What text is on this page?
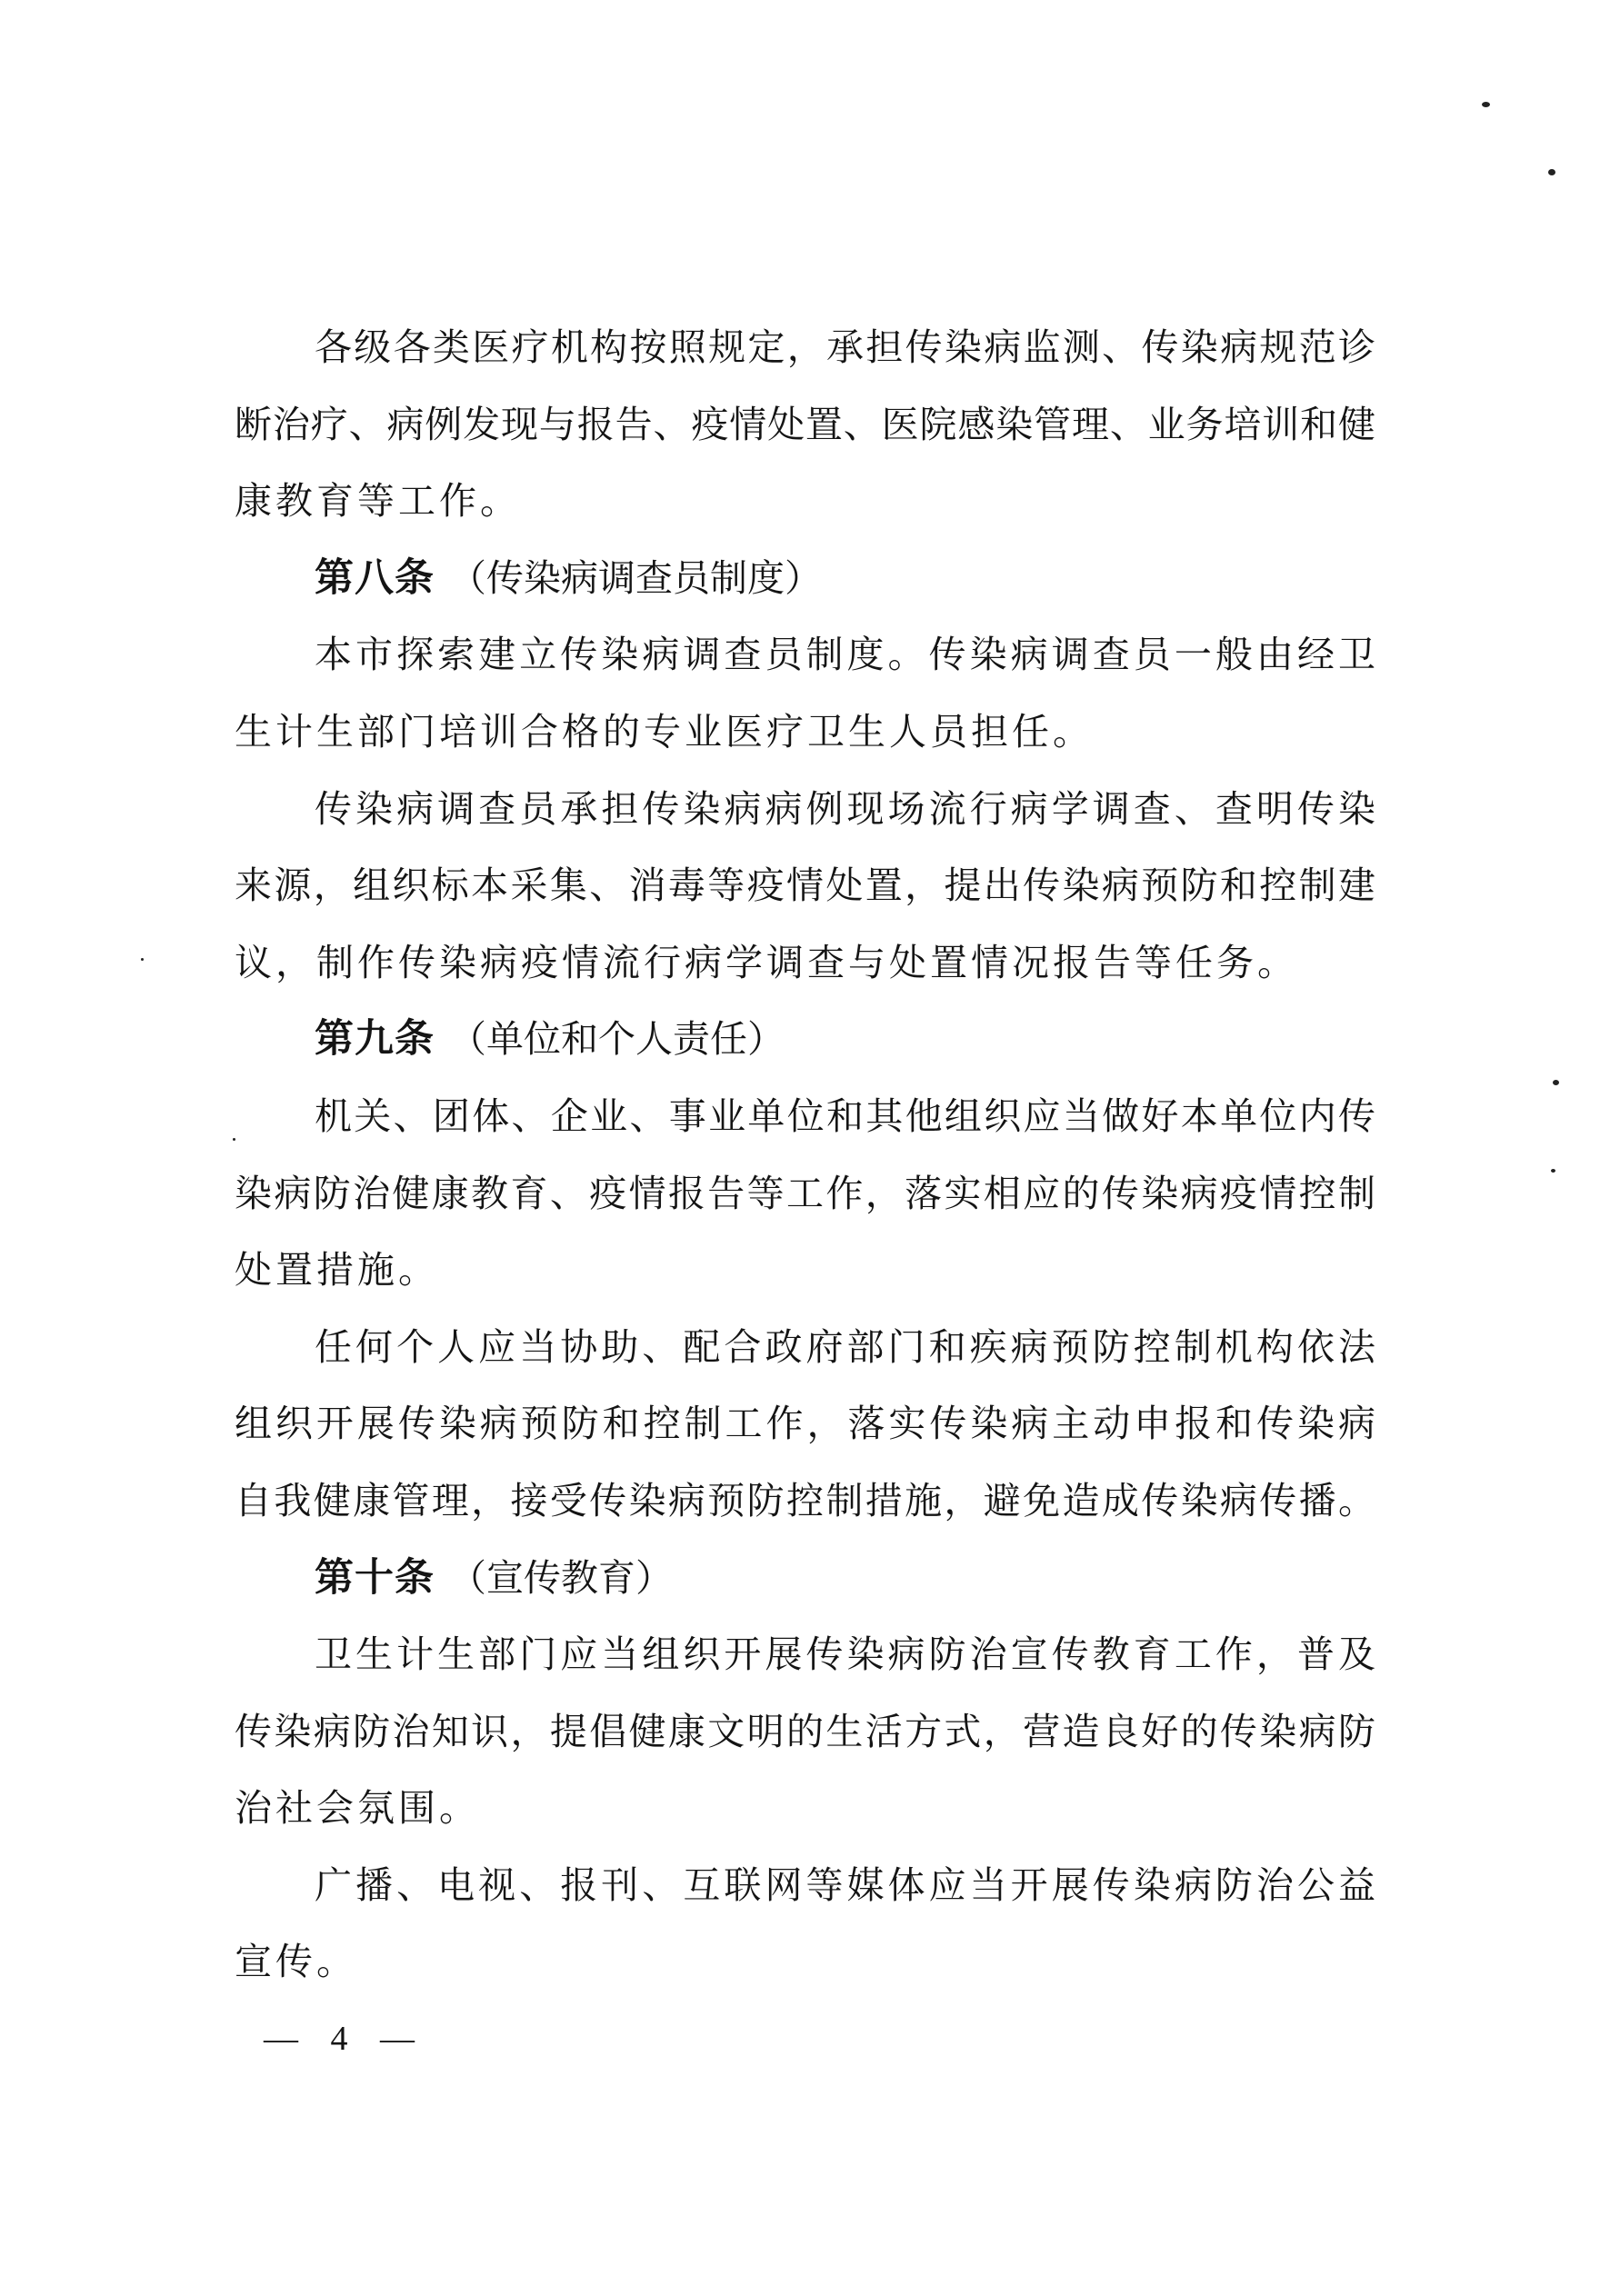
各级各类医疗机构按照规定，承担传染病监测、传染病规范诊
断治疗、病例发现与报告、疫情处置、医院感染管理、业务培训和健
康教育等工作。
第八条 （传染病调查员制度）
本市探索建立传染病调查员制度。传染病调查员一般由经卫
生计生部门培训合格的专业医疗卫生人员担任。
传染病调查员承担传染病病例现场流行病学调查、查明传染
来源，组织标本采集、消毒等疫情处置，提出传染病预防和控制建
议，制作传染病疫情流行病学调查与处置情况报告等任务。
第九条 （单位和个人责任）
机关、团体、企业、事业单位和其他组织应当做好本单位内传
染病防治健康教育、疫情报告等工作，落实相应的传染病疫情控制
处置措施。
任何个人应当协助、配合政府部门和疾病预防控制机构依法
组织开展传染病预防和控制工作，落实传染病主动申报和传染病
自我健康管理，接受传染病预防控制措施，避免造成传染病传播。
第十条 （宣传教育）
卫生计生部门应当组织开展传染病防治宣传教育工作，普及
传染病防治知识，提倡健康文明的生活方式，营造良好的传染病防
治社会氛围。
广播、电视、报刊、互联网等媒体应当开展传染病防治公益
宣传。
— 4 —
